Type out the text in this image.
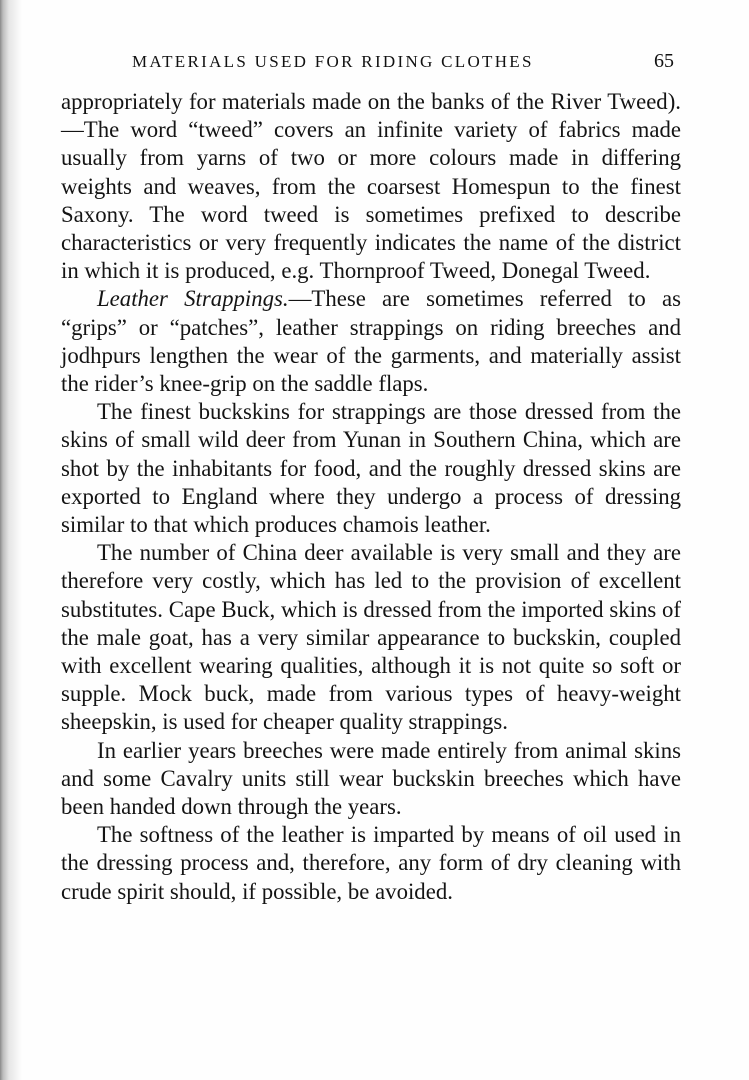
MATERIALS USED FOR RIDING CLOTHES	65

appropriately for materials made on the banks of the River Tweed).—The word “tweed” covers an infinite variety of fabrics made usually from yarns of two or more colours made in differing weights and weaves, from the coarsest Homespun to the finest Saxony. The word tweed is sometimes prefixed to describe characteristics or very frequently indicates the name of the district in which it is produced, e.g. Thornproof Tweed, Donegal Tweed.

Leather Strappings.—These are sometimes referred to as “grips” or “patches”, leather strappings on riding breeches and jodhpurs lengthen the wear of the garments, and materially assist the rider’s knee-grip on the saddle flaps.

The finest buckskins for strappings are those dressed from the skins of small wild deer from Yunan in Southern China, which are shot by the inhabitants for food, and the roughly dressed skins are exported to England where they undergo a process of dressing similar to that which produces chamois leather.

The number of China deer available is very small and they are therefore very costly, which has led to the provision of excellent substitutes. Cape Buck, which is dressed from the imported skins of the male goat, has a very similar appearance to buckskin, coupled with excellent wearing qualities, although it is not quite so soft or supple. Mock buck, made from various types of heavy-weight sheepskin, is used for cheaper quality strappings.

In earlier years breeches were made entirely from animal skins and some Cavalry units still wear buckskin breeches which have been handed down through the years.

The softness of the leather is imparted by means of oil used in the dressing process and, therefore, any form of dry cleaning with crude spirit should, if possible, be avoided.
